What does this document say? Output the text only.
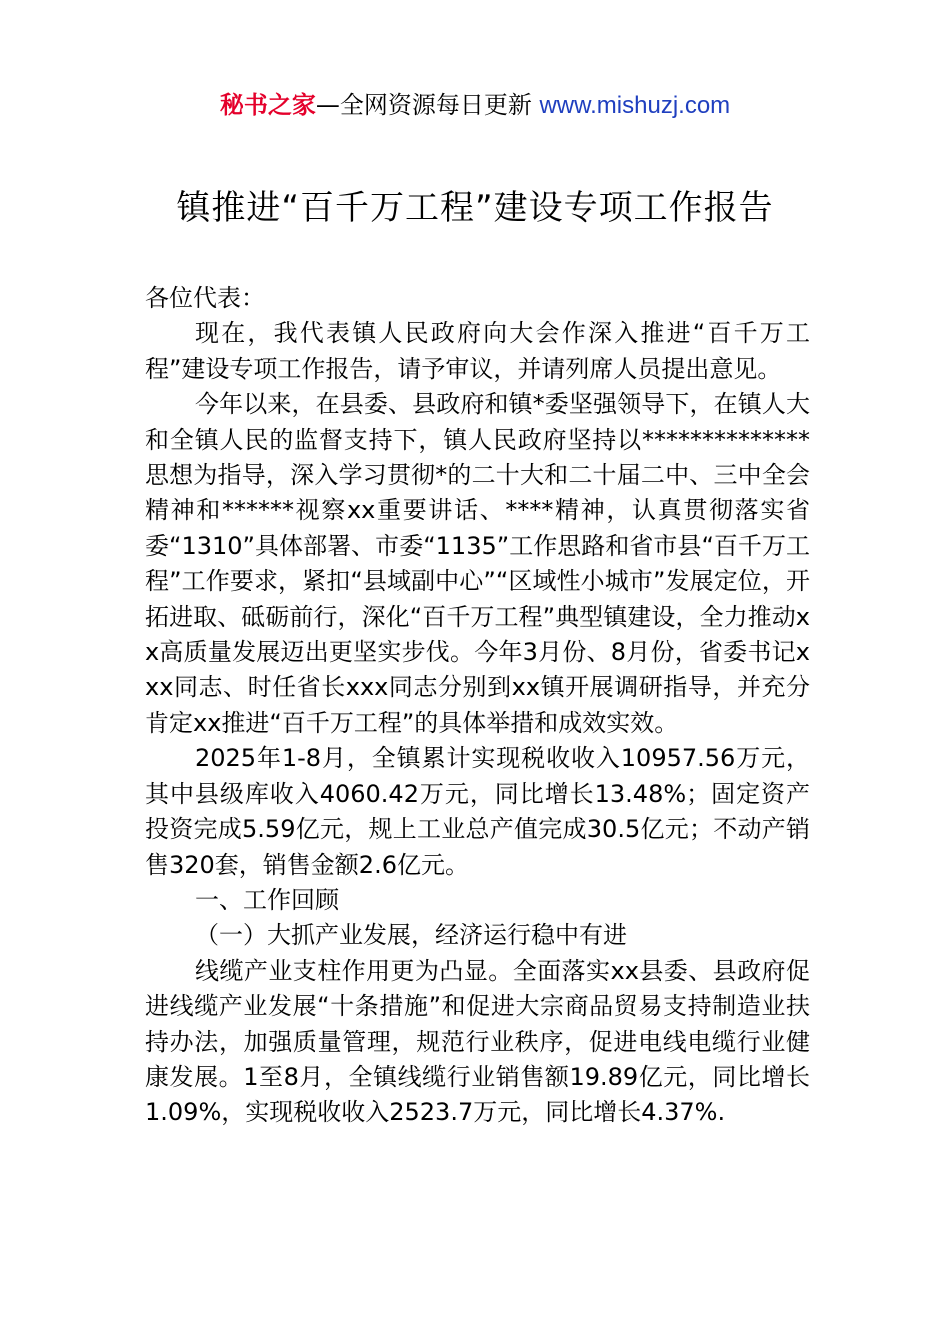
秘书之家—全网资源每日更新 www.mishuzj.com
镇推进“百千万工程”建设专项工作报告

各位代表：

现在，我代表镇人民政府向大会作深入推进“百千万工程”建设专项工作报告，请予审议，并请列席人员提出意见。

今年以来，在县委、县政府和镇*委坚强领导下，在镇人大和全镇人民的监督支持下，镇人民政府坚持以**************思想为指导，深入学习贯彻*的二十大和二十届二中、三中全会精神和******视察xx重要讲话、****精神，认真贯彻落实省委“1310”具体部署、市委“1135”工作思路和省市县“百千万工程”工作要求，紧扣“县域副中心”“区域性小城市”发展定位，开拓进取、砥砺前行，深化“百千万工程”典型镇建设，全力推动xx高质量发展迈出更坚实步伐。今年3月份、8月份，省委书记xxx同志、时任省长xxx同志分别到xx镇开展调研指导，并充分肯定xx推进“百千万工程”的具体举措和成效实效。

2025年1-8月，全镇累计实现税收收入10957.56万元，其中县级库收入4060.42万元，同比增长13.48%；固定资产投资完成5.59亿元，规上工业总产值完成30.5亿元；不动产销售320套，销售金额2.6亿元。

一、工作回顾

（一）大抓产业发展，经济运行稳中有进

线缆产业支柱作用更为凸显。全面落实xx县委、县政府促进线缆产业发展“十条措施”和促进大宗商品贸易支持制造业扶持办法，加强质量管理，规范行业秩序，促进电线电缆行业健康发展。1至8月，全镇线缆行业销售额19.89亿元，同比增长1.09%，实现税收收入2523.7万元，同比增长4.37%.
